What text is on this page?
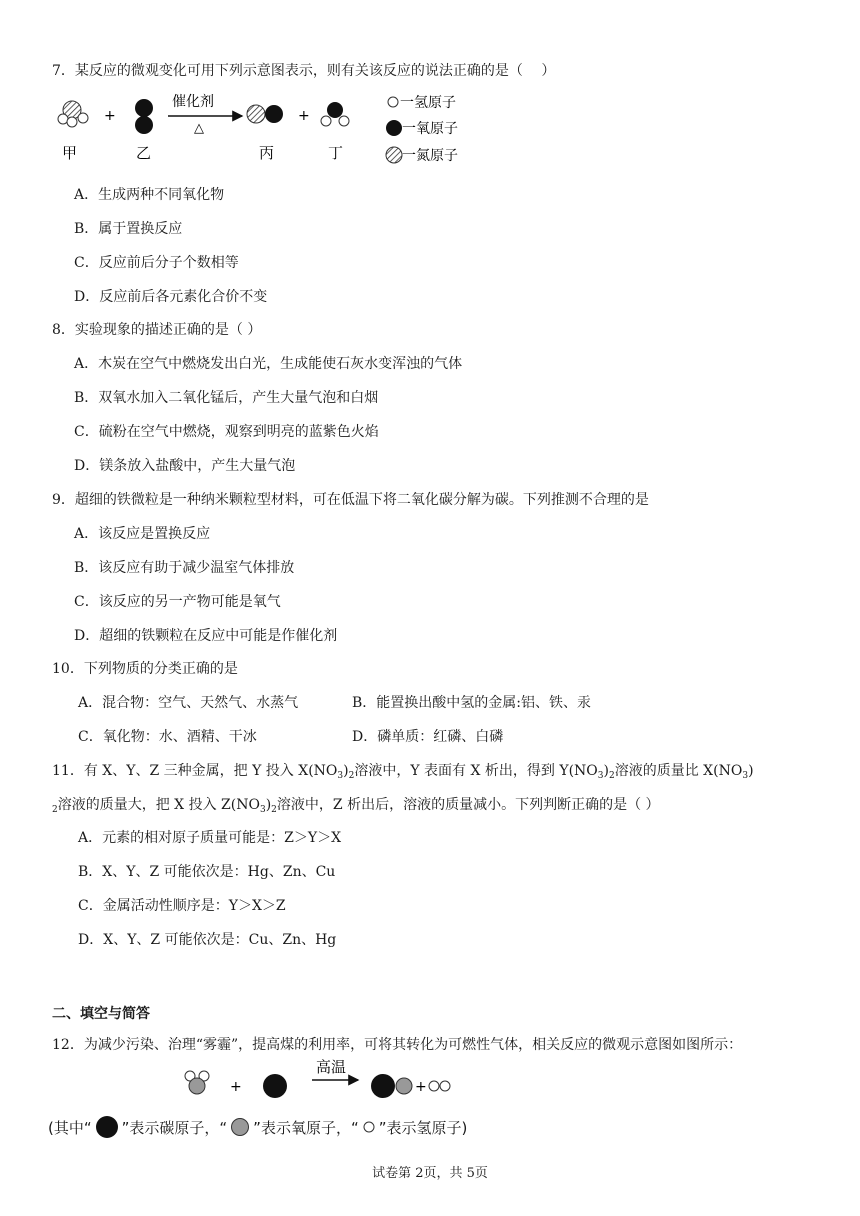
7．某反应的微观变化可用下列示意图表示，则有关该反应的说法正确的是（　 ）
+
催化剂
△
+
甲	乙	丙	丁
一氢原子
一氧原子
一氮原子
A．生成两种不同氧化物
B．属于置换反应
C．反应前后分子个数相等
D．反应前后各元素化合价不变
8．实验现象的描述正确的是（ ）
A．木炭在空气中燃烧发出白光，生成能使石灰水变浑浊的气体
B．双氧水加入二氧化锰后，产生大量气泡和白烟
C．硫粉在空气中燃烧，观察到明亮的蓝紫色火焰
D．镁条放入盐酸中，产生大量气泡
9．超细的铁微粒是一种纳米颗粒型材料，可在低温下将二氧化碳分解为碳。下列推测不合理的是
A．该反应是置换反应
B．该反应有助于减少温室气体排放
C．该反应的另一产物可能是氧气
D．超细的铁颗粒在反应中可能是作催化剂
10．下列物质的分类正确的是
A．混合物：空气、天然气、水蒸气	B．能置换出酸中氢的金属:铝、铁、汞
C．氧化物：水、酒精、干冰	D．磷单质：红磷、白磷
11．有 X、Y、Z 三种金属，把 Y 投入 $X(NO_3)_2$溶液中，Y 表面有 X 析出，得到 $Y(NO_3)_2$溶液的质量比 $X(NO_3)$
$_2$溶液的质量大，把 X 投入 $Z(NO_3)_2$溶液中，Z 析出后，溶液的质量减小。下列判断正确的是（ ）
A．元素的相对原子质量可能是：Z＞Y＞X
B．X、Y、Z 可能依次是：Hg、Zn、Cu
C．金属活动性顺序是：Y＞X＞Z
D．X、Y、Z 可能依次是：Cu、Zn、Hg
二、填空与简答
12．为减少污染、治理“雾霾”，提高煤的利用率，可将其转化为可燃性气体，相关反应的微观示意图如图所示：
+
高温
+
(其中“ ”表示碳原子，“ ”表示氧原子，“ ”表示氢原子)
试卷第 2页，共 5页
